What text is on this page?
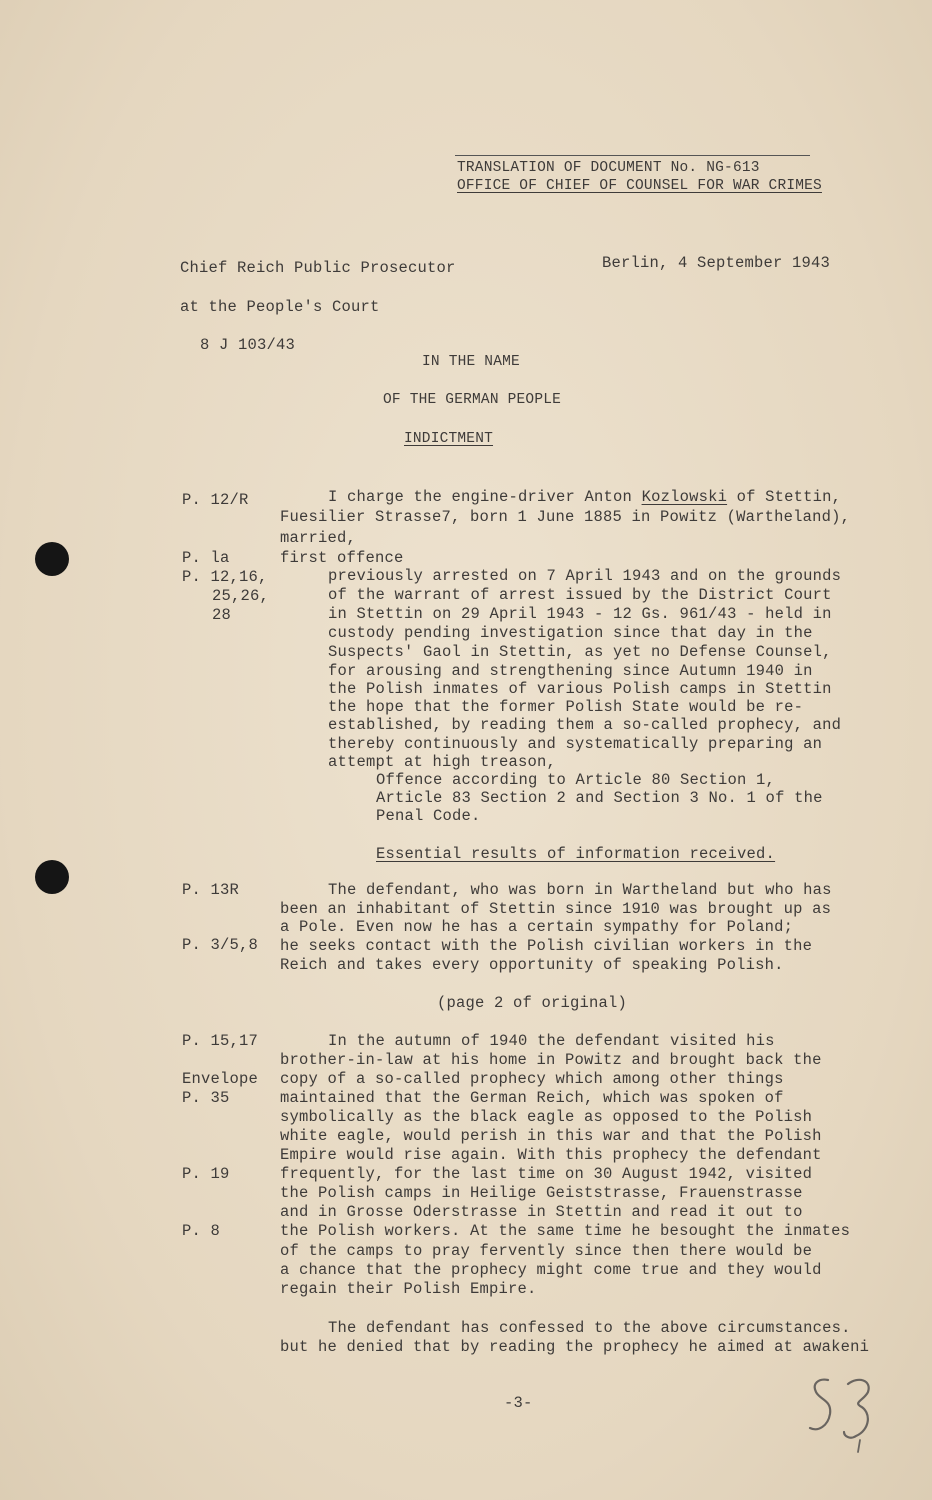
TRANSLATION OF DOCUMENT No. NG-613
OFFICE OF CHIEF OF COUNSEL FOR WAR CRIMES
Chief Reich Public Prosecutor	Berlin, 4 September 1943
at the People's Court
8 J 103/43
IN THE NAME
OF THE GERMAN PEOPLE
INDICTMENT
P. 12/R
P. la
P. 12,16,
25,26,
28
P. 13R
P. 3/5,8
P. 15,17
Envelope
P. 35
P. 19
P. 8
I charge the engine-driver Anton Kozlowski of Stettin,
Fuesilier Strasse7, born 1 June 1885 in Powitz (Wartheland),
married,
first offence
previously arrested on 7 April 1943 and on the grounds
of the warrant of arrest issued by the District Court
in Stettin on 29 April 1943 - 12 Gs. 961/43 - held in
custody pending investigation since that day in the
Suspects' Gaol in Stettin, as yet no Defense Counsel,
for arousing and strengthening since Autumn 1940 in
the Polish inmates of various Polish camps in Stettin
the hope that the former Polish State would be re-
established, by reading them a so-called prophecy, and
thereby continuously and systematically preparing an
attempt at high treason,
Offence according to Article 80 Section 1,
Article 83 Section 2 and Section 3 No. 1 of the
Penal Code.
Essential results of information received.
The defendant, who was born in Wartheland but who has
been an inhabitant of Stettin since 1910 was brought up as
a Pole. Even now he has a certain sympathy for Poland;
he seeks contact with the Polish civilian workers in the
Reich and takes every opportunity of speaking Polish.
(page 2 of original)
In the autumn of 1940 the defendant visited his
brother-in-law at his home in Powitz and brought back the
copy of a so-called prophecy which among other things
maintained that the German Reich, which was spoken of
symbolically as the black eagle as opposed to the Polish
white eagle, would perish in this war and that the Polish
Empire would rise again. With this prophecy the defendant
frequently, for the last time on 30 August 1942, visited
the Polish camps in Heilige Geiststrasse, Frauenstrasse
and in Grosse Oderstrasse in Stettin and read it out to
the Polish workers. At the same time he besought the inmates
of the camps to pray fervently since then there would be
a chance that the prophecy might come true and they would
regain their Polish Empire.
The defendant has confessed to the above circumstances.
but he denied that by reading the prophecy he aimed at awakeni
-3-
